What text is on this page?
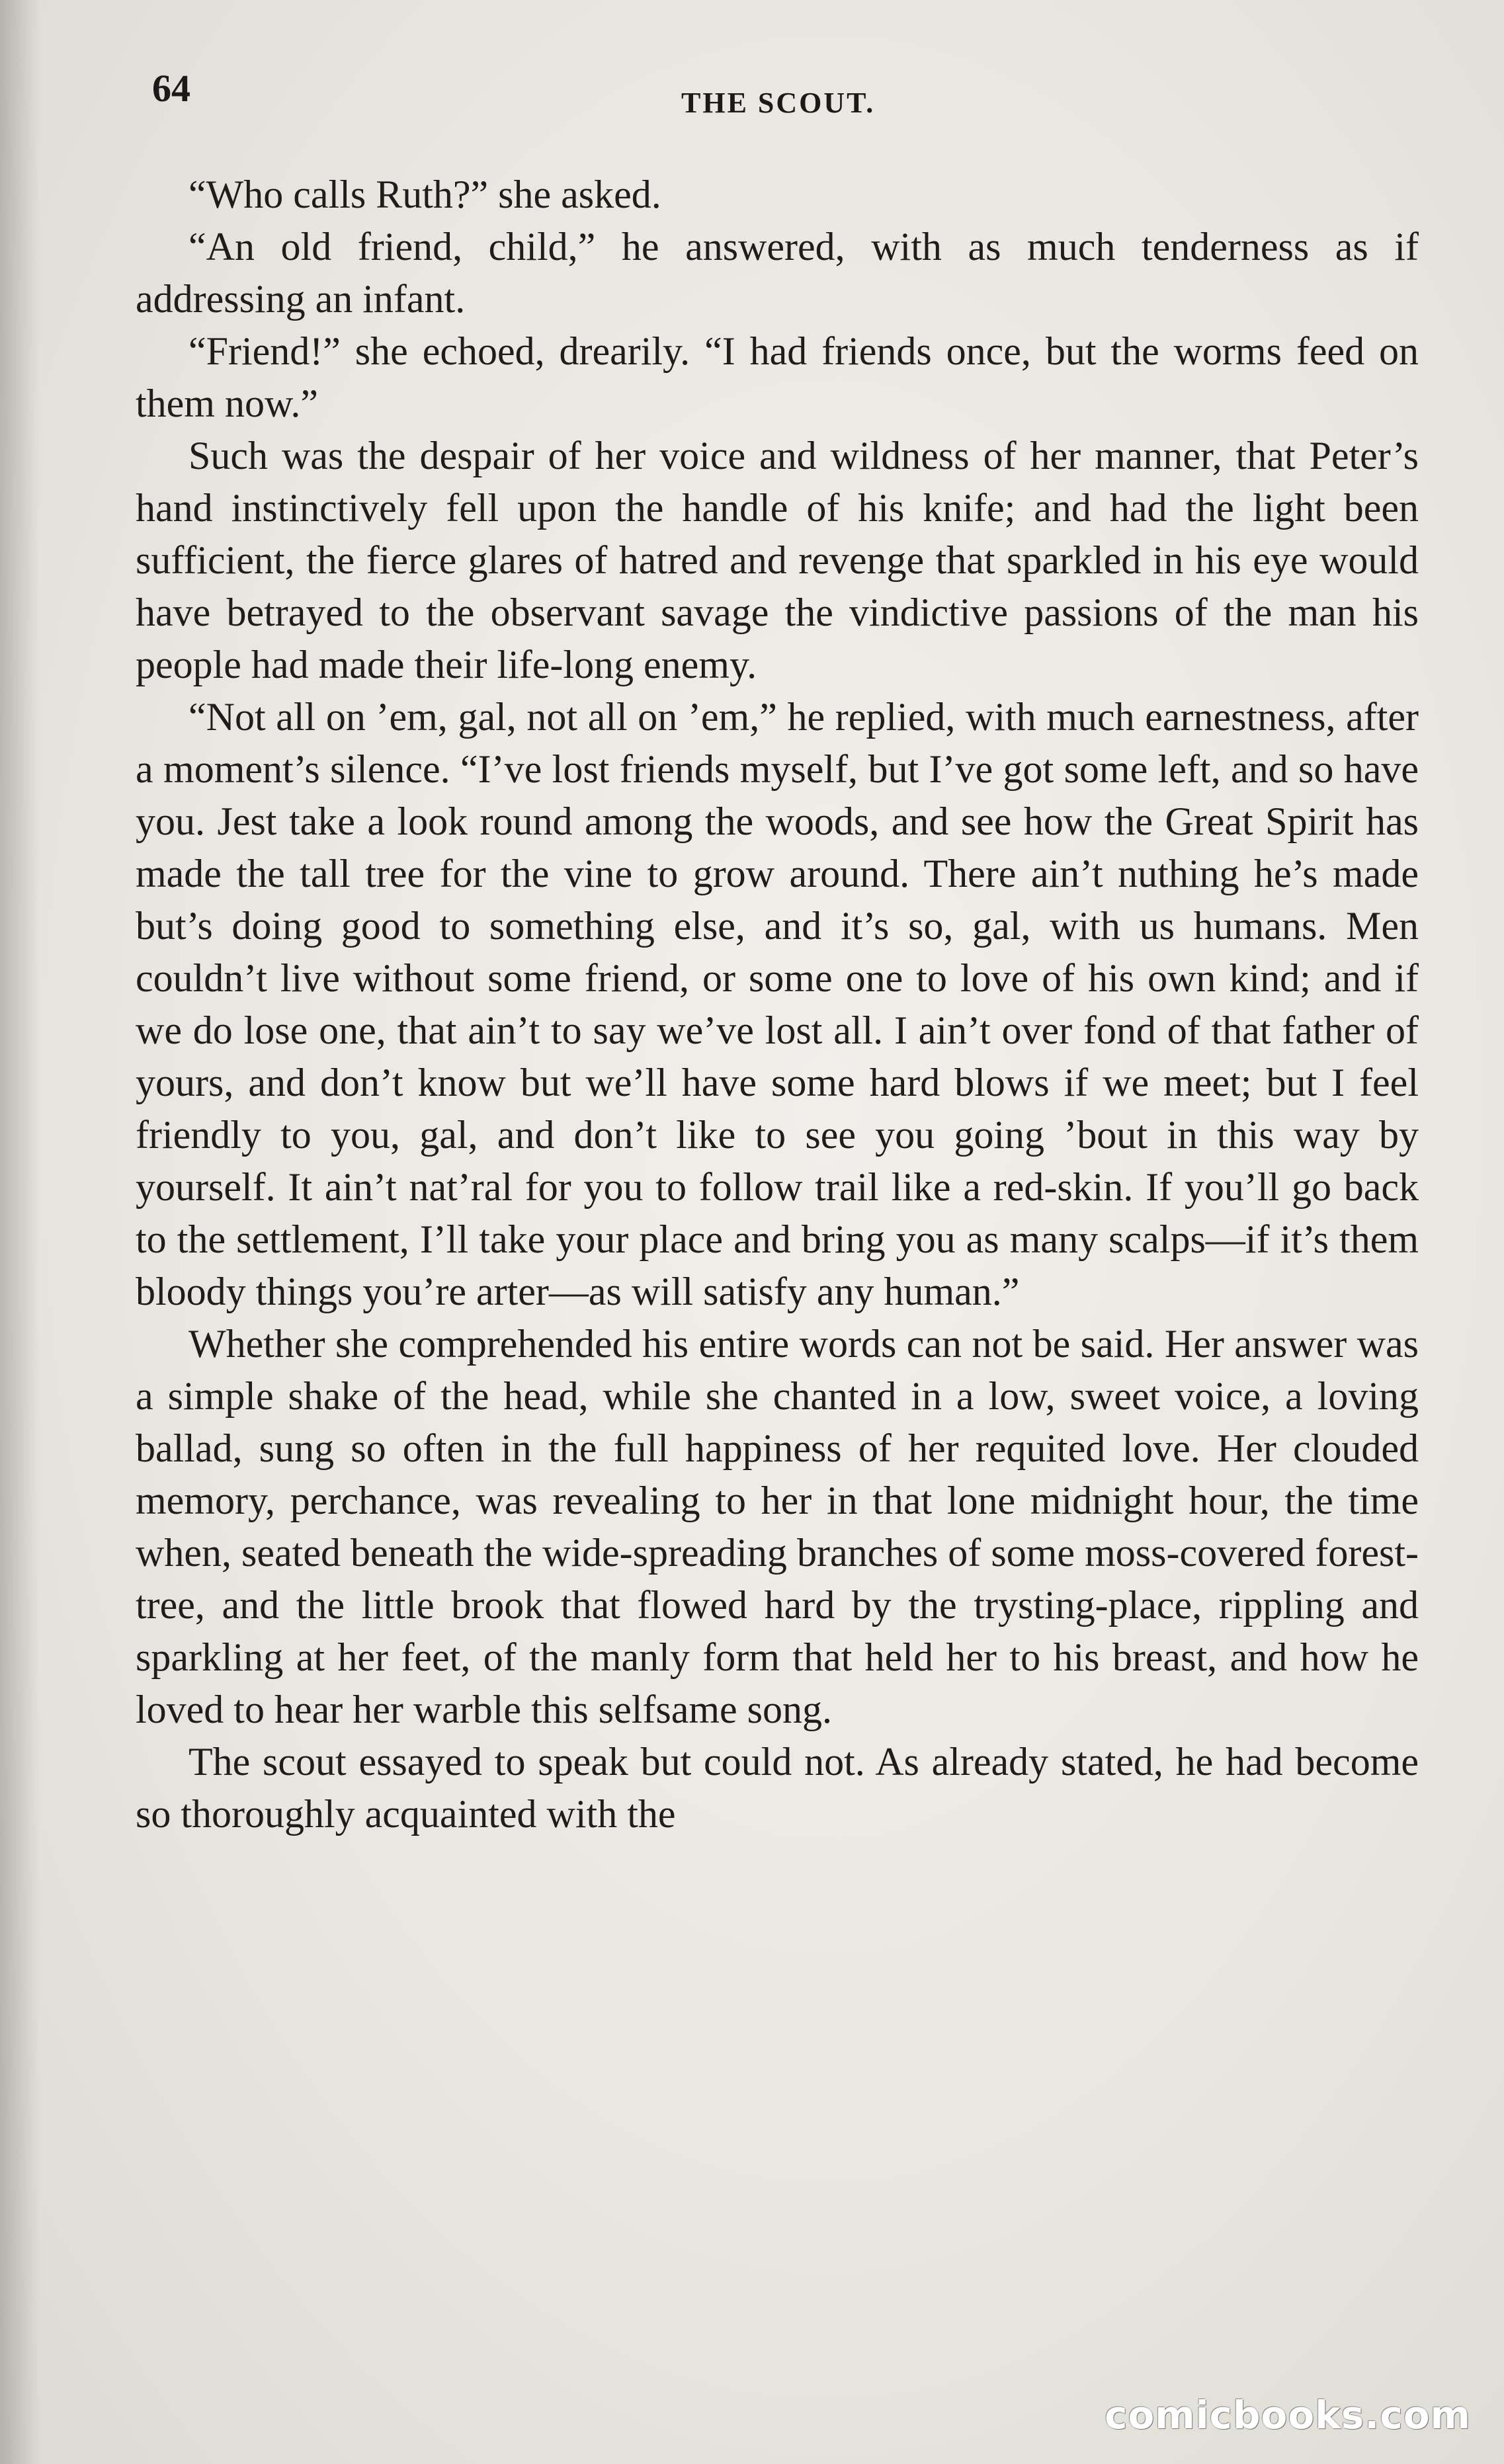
64	THE SCOUT.

“Who calls Ruth?” she asked.

“An old friend, child,” he answered, with as much tenderness as if addressing an infant.

“Friend!” she echoed, drearily. “I had friends once, but the worms feed on them now.”

Such was the despair of her voice and wildness of her manner, that Peter’s hand instinctively fell upon the handle of his knife; and had the light been sufficient, the fierce glares of hatred and revenge that sparkled in his eye would have betrayed to the observant savage the vindictive passions of the man his people had made their life-long enemy.

“Not all on ’em, gal, not all on ’em,” he replied, with much earnestness, after a moment’s silence. “I’ve lost friends myself, but I’ve got some left, and so have you. Jest take a look round among the woods, and see how the Great Spirit has made the tall tree for the vine to grow around. There ain’t nuthing he’s made but’s doing good to something else, and it’s so, gal, with us humans. Men couldn’t live without some friend, or some one to love of his own kind; and if we do lose one, that ain’t to say we’ve lost all. I ain’t over fond of that father of yours, and don’t know but we’ll have some hard blows if we meet; but I feel friendly to you, gal, and don’t like to see you going ’bout in this way by yourself. It ain’t nat’ral for you to follow trail like a red-skin. If you’ll go back to the settlement, I’ll take your place and bring you as many scalps—if it’s them bloody things you’re arter—as will satisfy any human.”

Whether she comprehended his entire words can not be said. Her answer was a simple shake of the head, while she chanted in a low, sweet voice, a loving ballad, sung so often in the full happiness of her requited love. Her clouded memory, perchance, was revealing to her in that lone midnight hour, the time when, seated beneath the wide-spreading branches of some moss-covered forest-tree, and the little brook that flowed hard by the trysting-place, rippling and sparkling at her feet, of the manly form that held her to his breast, and how he loved to hear her warble this selfsame song.

The scout essayed to speak but could not. As already stated, he had become so thoroughly acquainted with the

comicbooks.com
